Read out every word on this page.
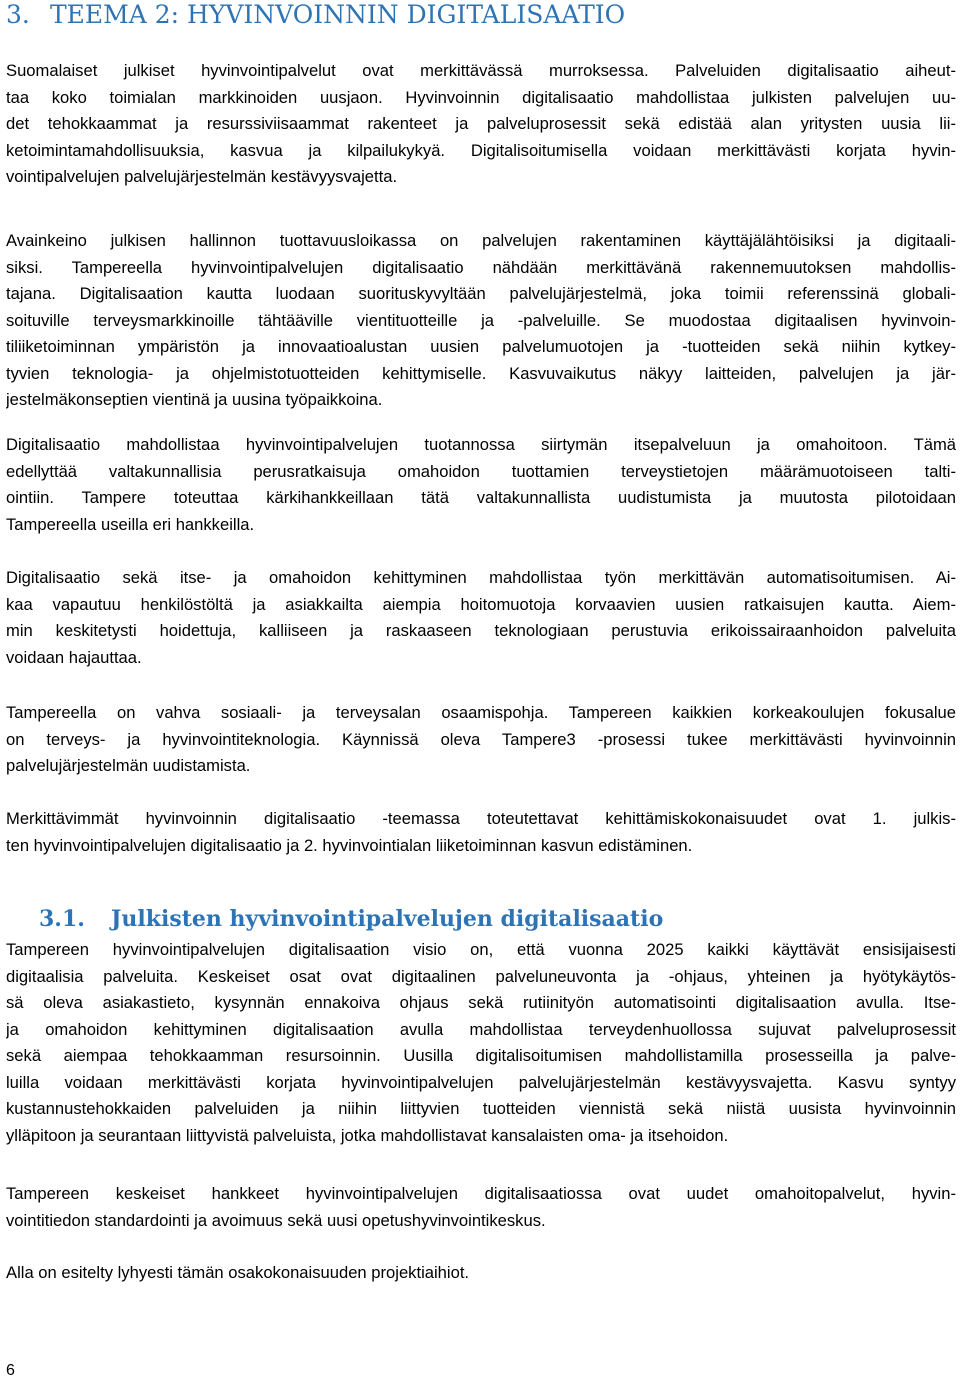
3. TEEMA 2: HYVINVOINNIN DIGITALISAATIO

Suomalaiset julkiset hyvinvointipalvelut ovat merkittävässä murroksessa. Palveluiden digitalisaatio aiheut-
taa koko toimialan markkinoiden uusjaon. Hyvinvoinnin digitalisaatio mahdollistaa julkisten palvelujen uu-
det tehokkaammat ja resurssiviisaammat rakenteet ja palveluprosessit sekä edistää alan yritysten uusia lii-
ketoimintamahdollisuuksia, kasvua ja kilpailukykyä. Digitalisoitumisella voidaan merkittävästi korjata hyvin-
vointipalvelujen palvelujärjestelmän kestävyysvajetta.

Avainkeino julkisen hallinnon tuottavuusloikassa on palvelujen rakentaminen käyttäjälähtöisiksi ja digitaali-
siksi. Tampereella hyvinvointipalvelujen digitalisaatio nähdään merkittävänä rakennemuutoksen mahdollis-
tajana. Digitalisaation kautta luodaan suorituskyvyltään palvelujärjestelmä, joka toimii referenssinä globali-
soituville terveysmarkkinoille tähtääville vientituotteille ja -palveluille. Se muodostaa digitaalisen hyvinvoin-
tiliiketoiminnan ympäristön ja innovaatioalustan uusien palvelumuotojen ja -tuotteiden sekä niihin kytkey-
tyvien teknologia- ja ohjelmistotuotteiden kehittymiselle. Kasvuvaikutus näkyy laitteiden, palvelujen ja jär-
jestelmäkonseptien vientinä ja uusina työpaikkoina.

Digitalisaatio mahdollistaa hyvinvointipalvelujen tuotannossa siirtymän itsepalveluun ja omahoitoon. Tämä
edellyttää valtakunnallisia perusratkaisuja omahoidon tuottamien terveystietojen määrämuotoiseen talti-
ointiin. Tampere toteuttaa kärkihankkeillaan tätä valtakunnallista uudistumista ja muutosta pilotoidaan
Tampereella useilla eri hankkeilla.

Digitalisaatio sekä itse- ja omahoidon kehittyminen mahdollistaa työn merkittävän automatisoitumisen. Ai-
kaa vapautuu henkilöstöltä ja asiakkailta aiempia hoitomuotoja korvaavien uusien ratkaisujen kautta. Aiem-
min keskitetysti hoidettuja, kalliiseen ja raskaaseen teknologiaan perustuvia erikoissairaanhoidon palveluita
voidaan hajauttaa.

Tampereella on vahva sosiaali- ja terveysalan osaamispohja. Tampereen kaikkien korkeakoulujen fokusalue
on terveys- ja hyvinvointiteknologia. Käynnissä oleva Tampere3 -prosessi tukee merkittävästi hyvinvoinnin
palvelujärjestelmän uudistamista.

Merkittävimmät hyvinvoinnin digitalisaatio -teemassa toteutettavat kehittämiskokonaisuudet ovat 1. julkis-
ten hyvinvointipalvelujen digitalisaatio ja 2. hyvinvointialan liiketoiminnan kasvun edistäminen.

3.1. Julkisten hyvinvointipalvelujen digitalisaatio

Tampereen hyvinvointipalvelujen digitalisaation visio on, että vuonna 2025 kaikki käyttävät ensisijaisesti
digitaalisia palveluita. Keskeiset osat ovat digitaalinen palveluneuvonta ja -ohjaus, yhteinen ja hyötykäytös-
sä oleva asiakastieto, kysynnän ennakoiva ohjaus sekä rutiinityön automatisointi digitalisaation avulla. Itse-
ja omahoidon kehittyminen digitalisaation avulla mahdollistaa terveydenhuollossa sujuvat palveluprosessit
sekä aiempaa tehokkaamman resursoinnin. Uusilla digitalisoitumisen mahdollistamilla prosesseilla ja palve-
luilla voidaan merkittävästi korjata hyvinvointipalvelujen palvelujärjestelmän kestävyysvajetta. Kasvu syntyy
kustannustehokkaiden palveluiden ja niihin liittyvien tuotteiden viennistä sekä niistä uusista hyvinvoinnin
ylläpitoon ja seurantaan liittyvistä palveluista, jotka mahdollistavat kansalaisten oma- ja itsehoidon.

Tampereen keskeiset hankkeet hyvinvointipalvelujen digitalisaatiossa ovat uudet omahoitopalvelut, hyvin-
vointitiedon standardointi ja avoimuus sekä uusi opetushyvinvointikeskus.

Alla on esitelty lyhyesti tämän osakokonaisuuden projektiaihiot.

6
